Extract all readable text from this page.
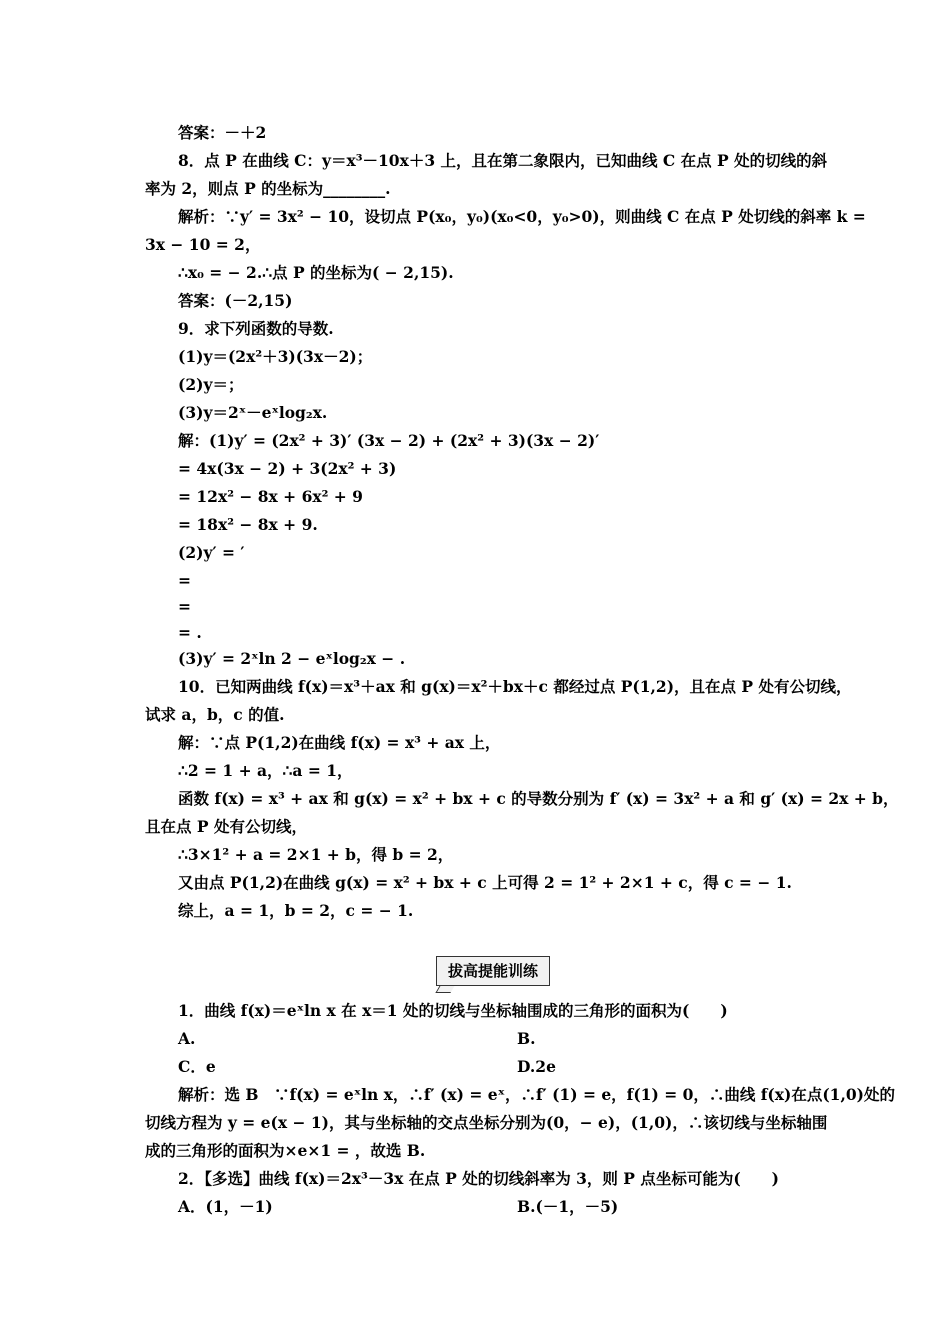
答案：－＋2
8．点 P 在曲线 C：y＝x³－10x＋3 上，且在第二象限内，已知曲线 C 在点 P 处的切线的斜
率为 2，则点 P 的坐标为________.
解析：∵y′ = 3x² − 10，设切点 P(x₀，y₀)(x₀<0，y₀>0)，则曲线 C 在点 P 处切线的斜率 k =
3x − 10 = 2，
∴x₀ = − 2.∴点 P 的坐标为( − 2,15).
答案：(－2,15)
9．求下列函数的导数.
(1)y＝(2x²＋3)(3x－2)；
(2)y＝；
(3)y＝2ˣ－eˣlog₂x.
解：(1)y′ = (2x² + 3)′ (3x − 2) + (2x² + 3)(3x − 2)′
= 4x(3x − 2) + 3(2x² + 3)
= 12x² − 8x + 6x² + 9
= 18x² − 8x + 9.
(2)y′ = ′
=
=
= .
(3)y′ = 2ˣln 2 − eˣlog₂x − .
10．已知两曲线 f(x)＝x³＋ax 和 g(x)＝x²＋bx＋c 都经过点 P(1,2)，且在点 P 处有公切线，
试求 a，b，c 的值.
解：∵点 P(1,2)在曲线 f(x) = x³ + ax 上，
∴2 = 1 + a，∴a = 1，
函数 f(x) = x³ + ax 和 g(x) = x² + bx + c 的导数分别为 f′ (x) = 3x² + a 和 g′ (x) = 2x + b，
且在点 P 处有公切线，
∴3×1² + a = 2×1 + b，得 b = 2，
又由点 P(1,2)在曲线 g(x) = x² + bx + c 上可得 2 = 1² + 2×1 + c，得 c = − 1.
综上，a = 1，b = 2，c = − 1.
拔高提能训练
1．曲线 f(x)＝eˣln x 在 x＝1 处的切线与坐标轴围成的三角形的面积为(　　)
A.	B.
C．e	D.2e
解析：选 B　∵f(x) = eˣln x，∴f′ (x) = eˣ，∴f′ (1) = e，f(1) = 0，∴曲线 f(x)在点(1,0)处的
切线方程为 y = e(x − 1)，其与坐标轴的交点坐标分别为(0，− e)，(1,0)，∴该切线与坐标轴围
成的三角形的面积为×e×1 = ，故选 B.
2．【多选】曲线 f(x)＝2x³－3x 在点 P 处的切线斜率为 3，则 P 点坐标可能为(　　)
A．(1，－1)	B.(－1，－5)
